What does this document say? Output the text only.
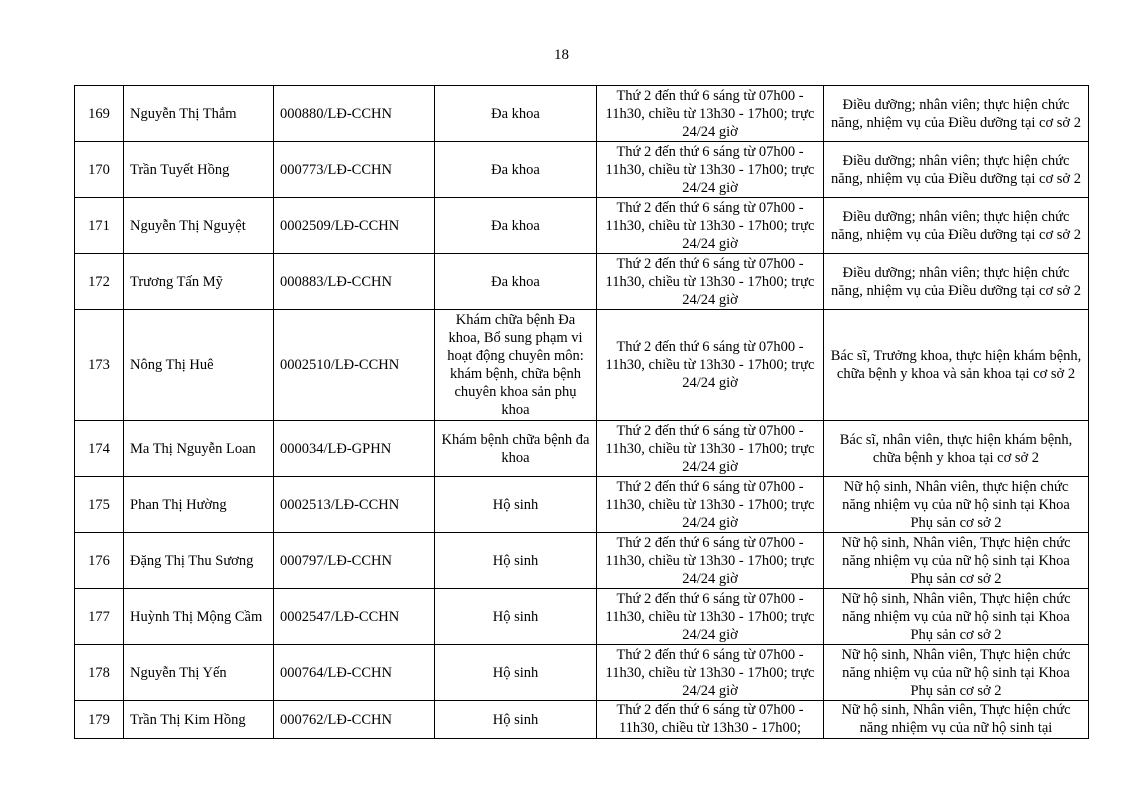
18
169	Nguyễn Thị Thắm	000880/LĐ-CCHN	Đa khoa	Thứ 2 đến thứ 6 sáng từ 07h00 - 11h30, chiều từ 13h30 - 17h00; trực 24/24 giờ	Điều dưỡng; nhân viên; thực hiện chức năng, nhiệm vụ của Điều dưỡng tại cơ sở 2
170	Trần Tuyết Hồng	000773/LĐ-CCHN	Đa khoa	Thứ 2 đến thứ 6 sáng từ 07h00 - 11h30, chiều từ 13h30 - 17h00; trực 24/24 giờ	Điều dưỡng; nhân viên; thực hiện chức năng, nhiệm vụ của Điều dưỡng tại cơ sở 2
171	Nguyễn Thị Nguyệt	0002509/LĐ-CCHN	Đa khoa	Thứ 2 đến thứ 6 sáng từ 07h00 - 11h30, chiều từ 13h30 - 17h00; trực 24/24 giờ	Điều dưỡng; nhân viên; thực hiện chức năng, nhiệm vụ của Điều dưỡng tại cơ sở 2
172	Trương Tấn Mỹ	000883/LĐ-CCHN	Đa khoa	Thứ 2 đến thứ 6 sáng từ 07h00 - 11h30, chiều từ 13h30 - 17h00; trực 24/24 giờ	Điều dưỡng; nhân viên; thực hiện chức năng, nhiệm vụ của Điều dưỡng tại cơ sở 2
173	Nông Thị Huê	0002510/LĐ-CCHN	Khám chữa bệnh Đa khoa, Bổ sung phạm vi hoạt động chuyên môn: khám bệnh, chữa bệnh chuyên khoa sản phụ khoa	Thứ 2 đến thứ 6 sáng từ 07h00 - 11h30, chiều từ 13h30 - 17h00; trực 24/24 giờ	Bác sĩ, Trưởng khoa, thực hiện khám bệnh, chữa bệnh y khoa và sản khoa tại cơ sở 2
174	Ma Thị Nguyễn Loan	000034/LĐ-GPHN	Khám bệnh chữa bệnh đa khoa	Thứ 2 đến thứ 6 sáng từ 07h00 - 11h30, chiều từ 13h30 - 17h00; trực 24/24 giờ	Bác sĩ, nhân viên, thực hiện khám bệnh, chữa bệnh y khoa tại cơ sở 2
175	Phan Thị Hường	0002513/LĐ-CCHN	Hộ sinh	Thứ 2 đến thứ 6 sáng từ 07h00 - 11h30, chiều từ 13h30 - 17h00; trực 24/24 giờ	Nữ hộ sinh, Nhân viên, thực hiện chức năng nhiệm vụ của nữ hộ sinh tại Khoa Phụ sản cơ sở 2
176	Đặng Thị Thu Sương	000797/LĐ-CCHN	Hộ sinh	Thứ 2 đến thứ 6 sáng từ 07h00 - 11h30, chiều từ 13h30 - 17h00; trực 24/24 giờ	Nữ hộ sinh, Nhân viên, Thực hiện chức năng nhiệm vụ của nữ hộ sinh tại Khoa Phụ sản cơ sở 2
177	Huỳnh Thị Mộng Cầm	0002547/LĐ-CCHN	Hộ sinh	Thứ 2 đến thứ 6 sáng từ 07h00 - 11h30, chiều từ 13h30 - 17h00; trực 24/24 giờ	Nữ hộ sinh, Nhân viên, Thực hiện chức năng nhiệm vụ của nữ hộ sinh tại Khoa Phụ sản cơ sở 2
178	Nguyễn Thị Yến	000764/LĐ-CCHN	Hộ sinh	Thứ 2 đến thứ 6 sáng từ 07h00 - 11h30, chiều từ 13h30 - 17h00; trực 24/24 giờ	Nữ hộ sinh, Nhân viên, Thực hiện chức năng nhiệm vụ của nữ hộ sinh tại Khoa Phụ sản cơ sở 2
179	Trần Thị Kim Hồng	000762/LĐ-CCHN	Hộ sinh	Thứ 2 đến thứ 6 sáng từ 07h00 - 11h30, chiều từ 13h30 - 17h00;	Nữ hộ sinh, Nhân viên, Thực hiện chức năng nhiệm vụ của nữ hộ sinh tại
